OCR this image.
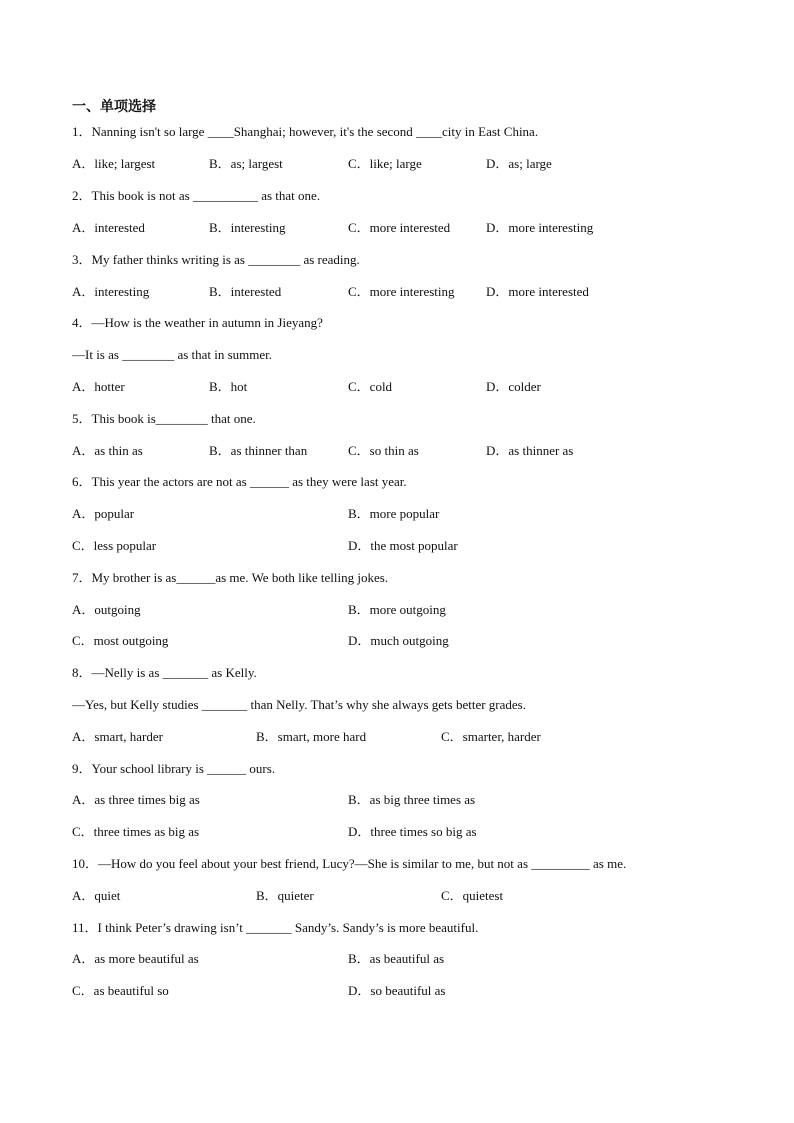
一、单项选择
1．Nanning isn't so large ____Shanghai; however, it's the second ____city in East China.
A．like; largest	B．as; largest	C．like; large	D．as; large
2．This book is not as __________ as that one.
A．interested	B．interesting	C．more interested	D．more interesting
3．My father thinks writing is as ________ as reading.
A．interesting	B．interested	C．more interesting D．more interested
4．—How is the weather in autumn in Jieyang?
—It is as ________ as that in summer.
A．hotter	B．hot	C．cold	D．colder
5．This book is________ that one.
A．as thin as	B．as thinner than	C．so thin as	D．as thinner as
6．This year the actors are not as ______ as they were last year.
A．popular	B．more popular
C．less popular	D．the most popular
7．My brother is as______as me. We both like telling jokes.
A．outgoing	B．more outgoing
C．most outgoing	D．much outgoing
8．—Nelly is as _______ as Kelly.
—Yes, but Kelly studies _______ than Nelly. That’s why she always gets better grades.
A．smart, harder	B．smart, more hard	C．smarter, harder
9．Your school library is ______ ours.
A．as three times big as	B．as big three times as
C．three times as big as	D．three times so big as
10．—How do you feel about your best friend, Lucy?—She is similar to me, but not as _________ as me.
A．quiet	B．quieter	C．quietest
11．I think Peter’s drawing isn’t _______ Sandy’s. Sandy’s is more beautiful.
A．as more beautiful as	B．as beautiful as
C．as beautiful so	D．so beautiful as
